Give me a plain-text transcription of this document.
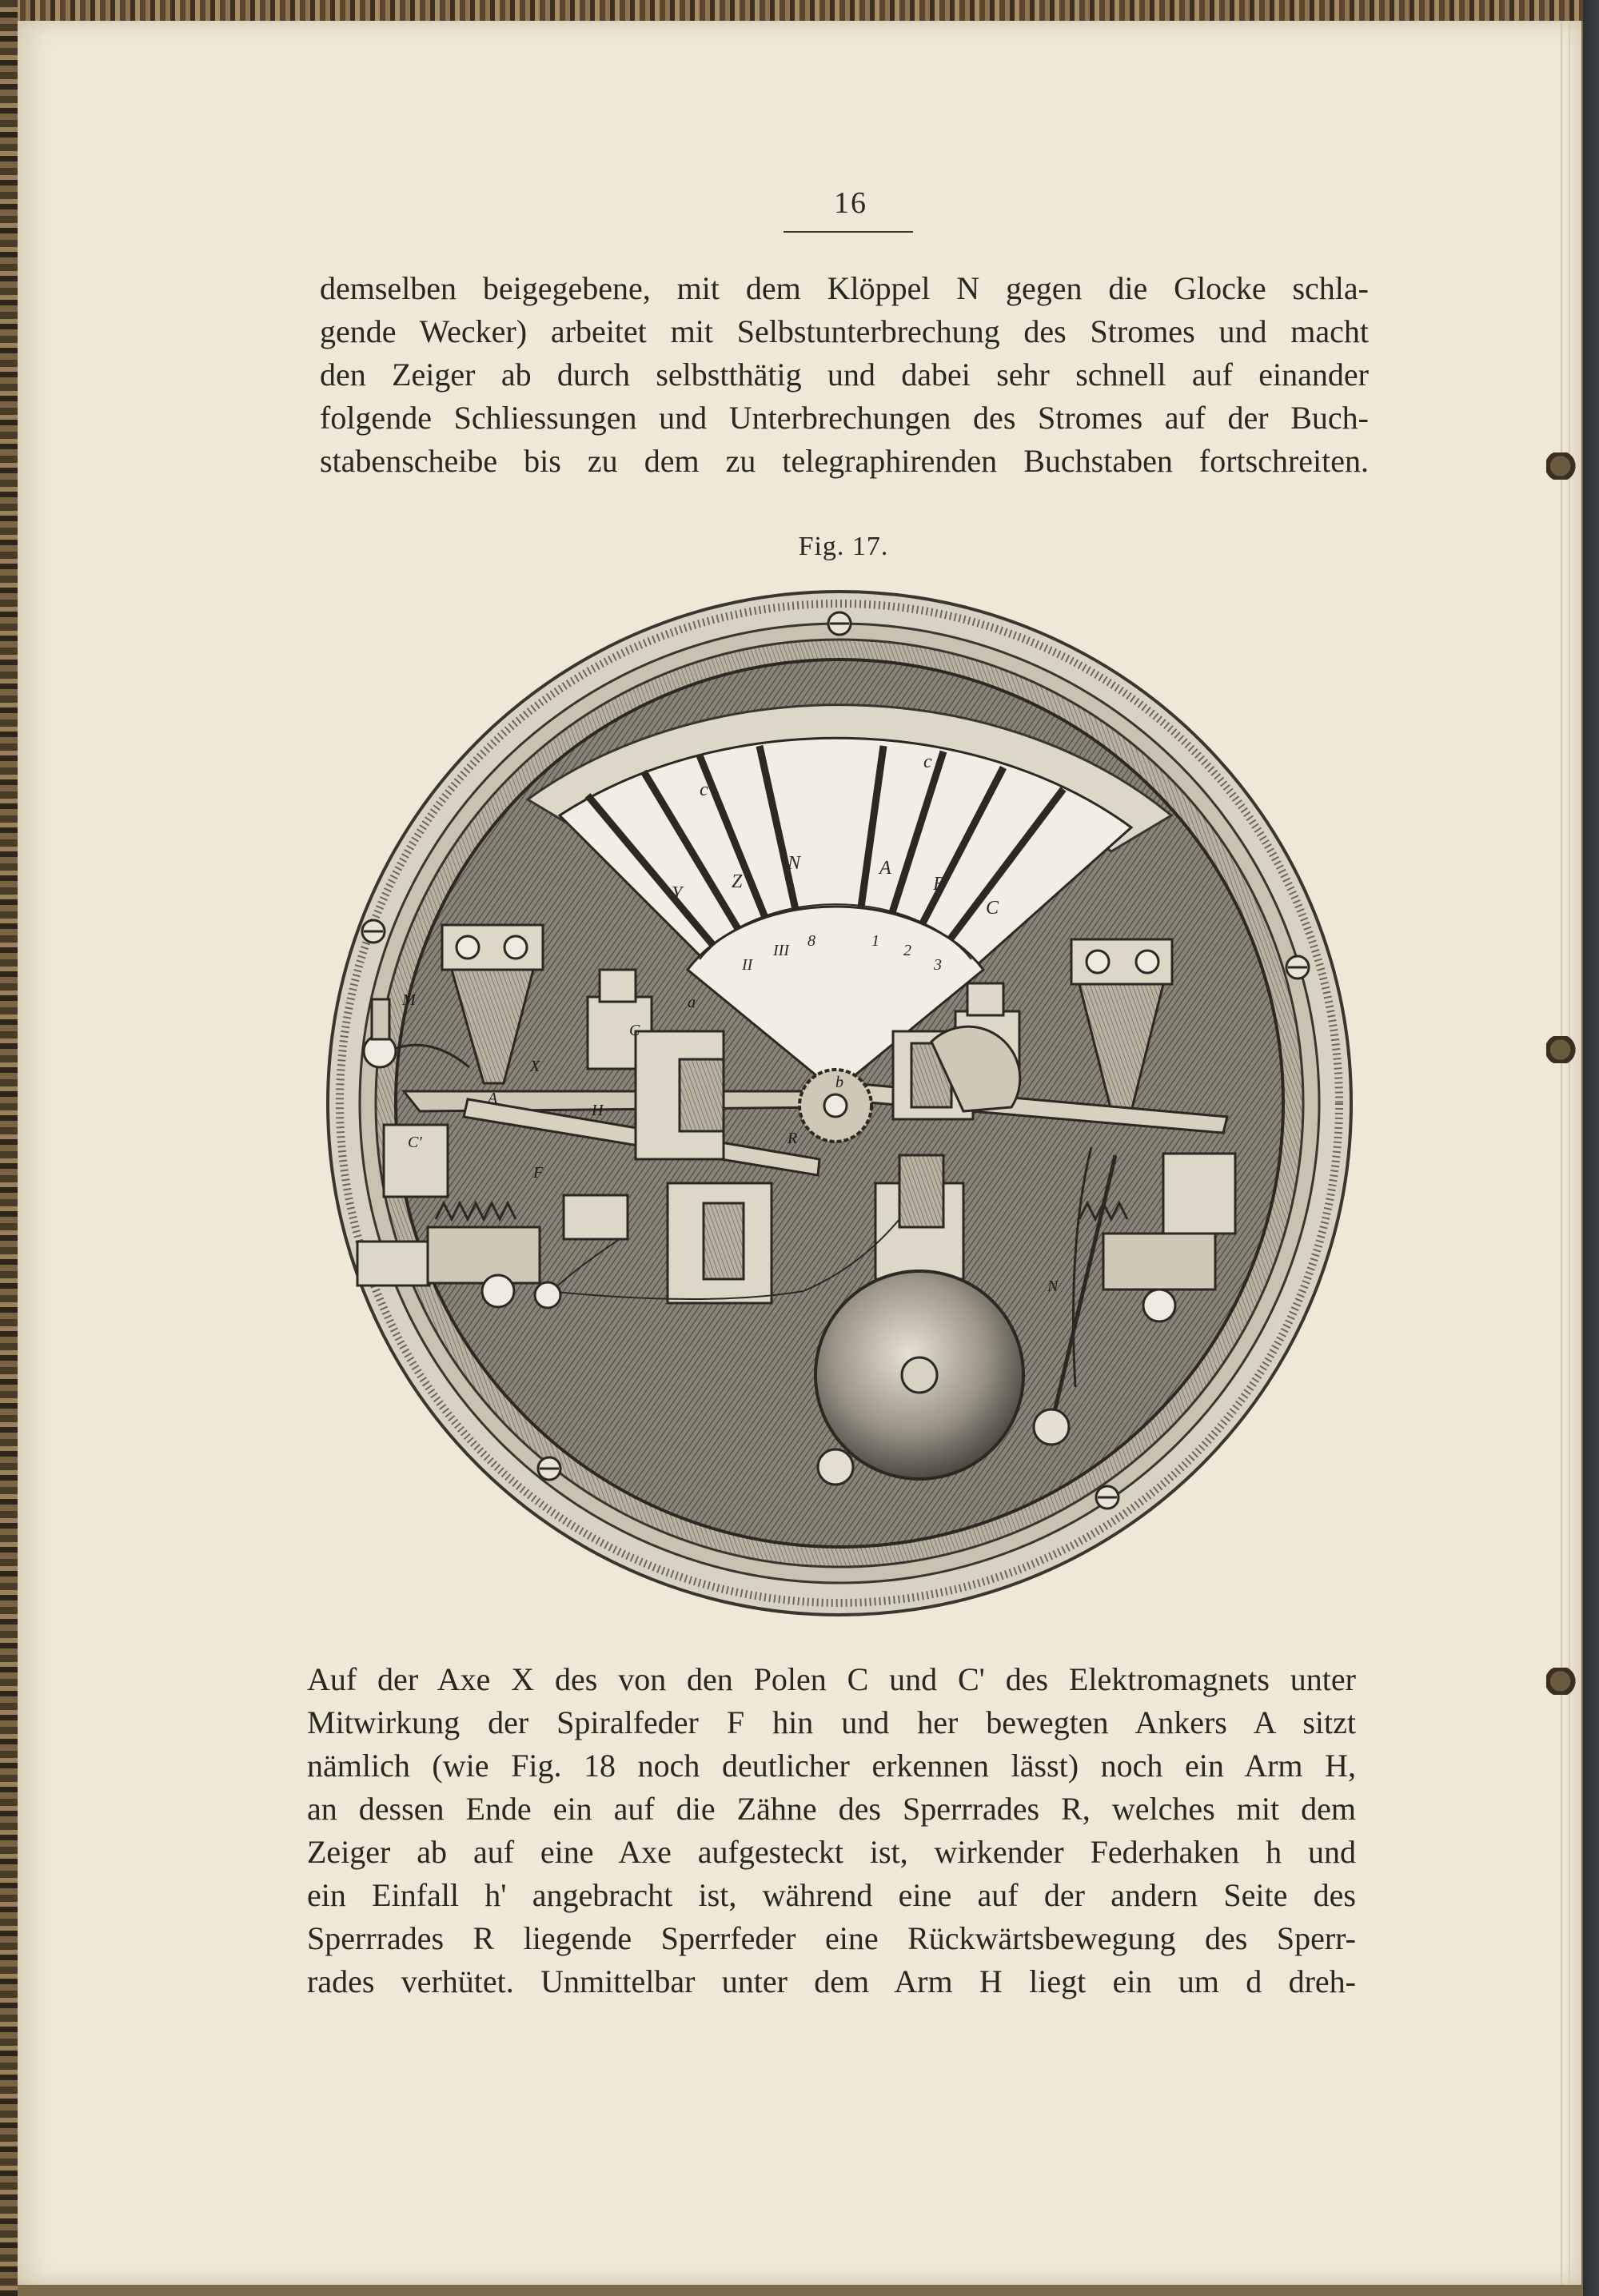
16
demselben beigegebene, mit dem Klöppel N gegen die Glocke schla-
gende Wecker) arbeitet mit Selbstunterbrechung des Stromes und macht
den Zeiger ab durch selbstthätig und dabei sehr schnell auf einander
folgende Schliessungen und Unterbrechungen des Stromes auf der Buch-
stabenscheibe bis zu dem zu telegraphirenden Buchstaben fortschreiten.
Fig. 17.
c
c
Y
Z
N	A
B
C
II
III
8	1
2
3
M
X
A
H
C
C'
F
R
b
a
N
Auf der Axe X des von den Polen C und C' des Elektromagnets unter
Mitwirkung der Spiralfeder F hin und her bewegten Ankers A sitzt
nämlich (wie Fig. 18 noch deutlicher erkennen lässt) noch ein Arm H,
an dessen Ende ein auf die Zähne des Sperrrades R, welches mit dem
Zeiger ab auf eine Axe aufgesteckt ist, wirkender Federhaken h und
ein Einfall h' angebracht ist, während eine auf der andern Seite des
Sperrrades R liegende Sperrfeder eine Rückwärtsbewegung des Sperr-
rades verhütet. Unmittelbar unter dem Arm H liegt ein um d dreh-
